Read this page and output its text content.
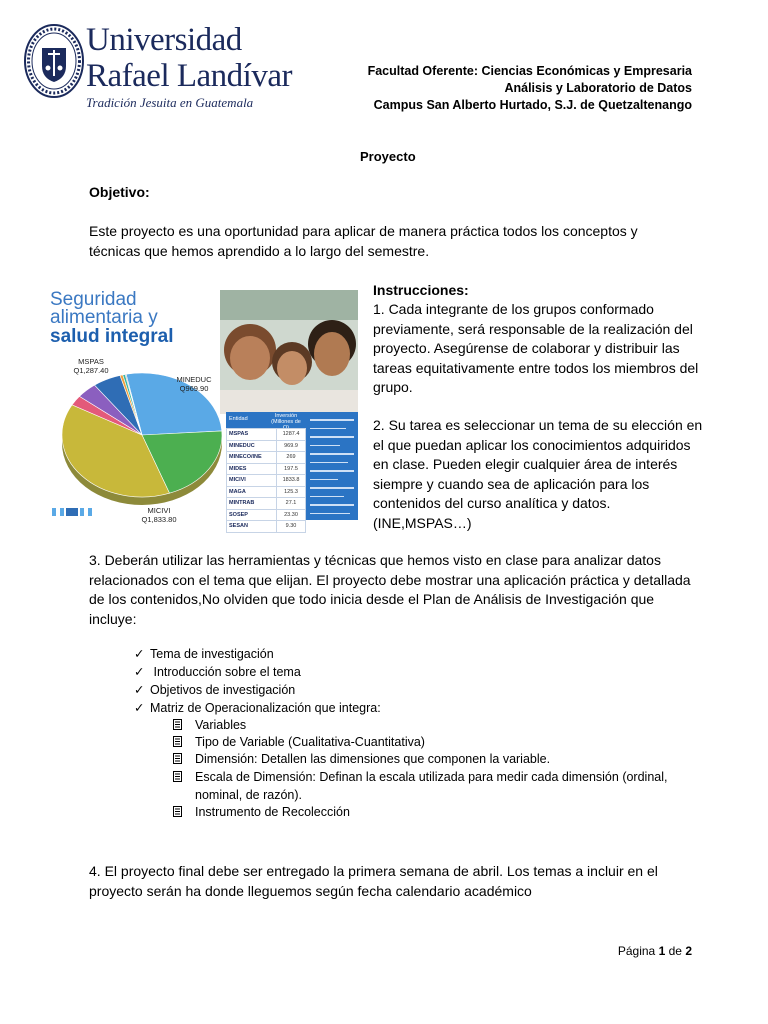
Universidad
Rafael Landívar
Tradición Jesuita en Guatemala
Facultad Oferente: Ciencias Económicas y Empresaria
Análisis y Laboratorio de Datos
Campus San Alberto Hurtado, S.J. de Quetzaltenango
Proyecto
Objetivo:
Este proyecto es una oportunidad para aplicar de manera práctica todos los conceptos y técnicas que hemos aprendido a lo largo del semestre.
Seguridad
alimentaria y
salud integral
MSPAS
Q1,287.40
MINEDUC
Q969.90
MICIVI
Q1,833.80
Entidad	Inversión (Millones de
MSPAS	1287.4
MINEDUC	969.9
MINECO/INE	269
MIDES	197.5
MICIVI	1833.8
MAGA	125.3
MINTRAB	27.1
SOSEP	23.30
SESAN	9.30
Instrucciones:
1. Cada integrante de los grupos conformado previamente, será responsable de la realización del proyecto. Asegúrense de colaborar y distribuir las tareas equitativamente entre todos los miembros del grupo.
2. Su tarea es seleccionar un tema de su elección en el que puedan aplicar los conocimientos adquiridos en clase. Pueden elegir cualquier área de interés siempre y cuando sea de aplicación para los contenidos del curso analítica y datos. (INE,MSPAS…)
3. Deberán utilizar las herramientas y técnicas que hemos visto en clase para analizar datos relacionados con el tema que elijan. El proyecto debe mostrar una aplicación práctica y detallada de los contenidos,No olviden que todo inicia desde el Plan de Análisis de Investigación que incluye:
✓ Tema de investigación
✓ Introducción sobre el tema
✓ Objetivos de investigación
✓ Matriz de Operacionalización que integra:
Variables
Tipo de Variable (Cualitativa-Cuantitativa)
Dimensión: Detallen las dimensiones que componen la variable.
Escala de Dimensión: Definan la escala utilizada para medir cada dimensión (ordinal, nominal, de razón).
Instrumento de Recolección
4. El proyecto final debe ser entregado la primera semana de abril. Los temas a incluir en el proyecto serán ha donde lleguemos según fecha calendario académico
Página 1 de 2
